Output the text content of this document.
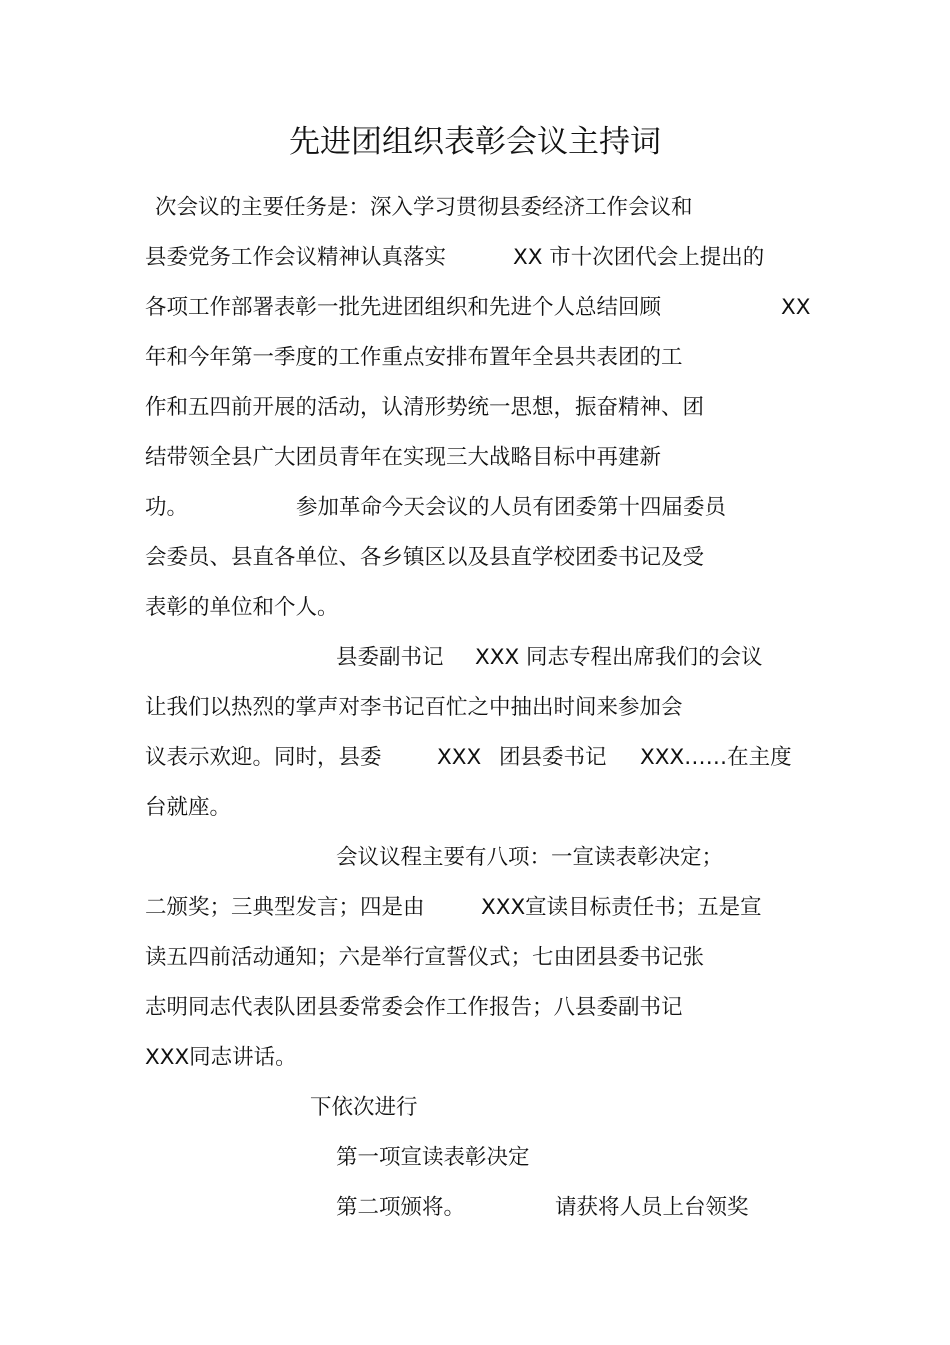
先进团组织表彰会议主持词
次会议的主要任务是：深入学习贯彻县委经济工作会议和
县委党务工作会议精神认真落实	XX 市十次团代会上提出的
各项工作部署表彰一批先进团组织和先进个人总结回顾	XX
年和今年第一季度的工作重点安排布置年全县共表团的工
作和五四前开展的活动，认清形势统一思想，振奋精神、团
结带领全县广大团员青年在实现三大战略目标中再建新
功。	参加革命今天会议的人员有团委第十四届委员
会委员、县直各单位、各乡镇区以及县直学校团委书记及受
表彰的单位和个人。
县委副书记 XXX 同志专程出席我们的会议
让我们以热烈的掌声对李书记百忙之中抽出时间来参加会
议表示欢迎。同时，县委	XXX 团县委书记 XXX……在主度
台就座。
会议议程主要有八项：一宣读表彰决定；
二颁奖；三典型发言；四是由	XXX宣读目标责任书；五是宣
读五四前活动通知；六是举行宣誓仪式；七由团县委书记张
志明同志代表队团县委常委会作工作报告；八县委副书记
XXX同志讲话。
下依次进行
第一项宣读表彰决定
第二项颁将。	请获将人员上台领奖
